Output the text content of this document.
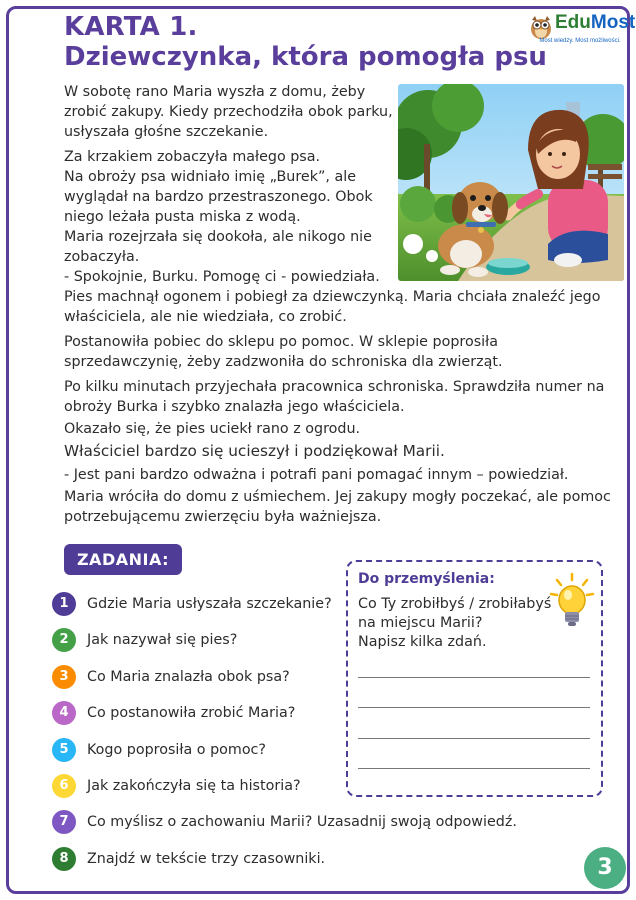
KARTA 1.
Dziewczynka, która pomogła psu
EduMost
Most wiedzy. Most możliwości.

W sobotę rano Maria wyszła z domu, żeby

zrobić zakupy. Kiedy przechodziła obok parku,

usłyszała głośne szczekanie.

Za krzakiem zobaczyła małego psa.

Na obroży psa widniało imię „Burek”, ale

wyglądał na bardzo przestraszonego. Obok

niego leżała pusta miska z wodą.

Maria rozejrzała się dookoła, ale nikogo nie

zobaczyła.

- Spokojnie, Burku. Pomogę ci - powiedziała.

Pies machnął ogonem i pobiegł za dziewczynką. Maria chciała znaleźć jego

właściciela, ale nie wiedziała, co zrobić.

Postanowiła pobiec do sklepu po pomoc. W sklepie poprosiła

sprzedawczynię, żeby zadzwoniła do schroniska dla zwierząt.

Po kilku minutach przyjechała pracownica schroniska. Sprawdziła numer na

obroży Burka i szybko znalazła jego właściciela.

Okazało się, że pies uciekł rano z ogrodu.

Właściciel bardzo się ucieszył i podziękował Marii.

- Jest pani bardzo odważna i potrafi pani pomagać innym – powiedział.

Maria wróciła do domu z uśmiechem. Jej zakupy mogły poczekać, ale pomoc

potrzebującemu zwierzęciu była ważniejsza.

ZADANIA:
1	Gdzie Maria usłyszała szczekanie?
2	Jak nazywał się pies?
3	Co Maria znalazła obok psa?
4	Co postanowiła zrobić Maria?
5	Kogo poprosiła o pomoc?
6	Jak zakończyła się ta historia?
7	Co myślisz o zachowaniu Marii? Uzasadnij swoją odpowiedź.
8	Znajdź w tekście trzy czasowniki.
Do przemyślenia:
Co Ty zrobiłbyś / zrobiłabyś
na miejscu Marii?
Napisz kilka zdań.
3
